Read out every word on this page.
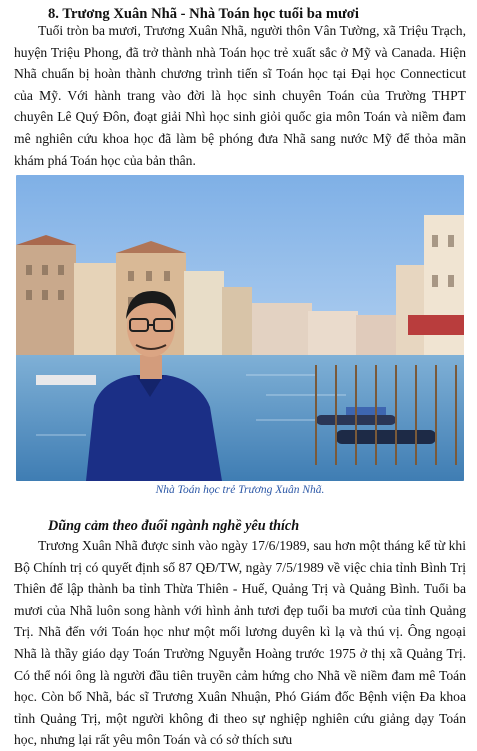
8. Trương Xuân Nhã - Nhà Toán học tuổi ba mươi

Tuổi tròn ba mươi, Trương Xuân Nhã, người thôn Vân Tường, xã Triệu Trạch, huyện Triệu Phong, đã trở thành nhà Toán học trẻ xuất sắc ở Mỹ và Canada. Hiện Nhã chuẩn bị hoàn thành chương trình tiến sĩ Toán học tại Đại học Connecticut của Mỹ. Với hành trang vào đời là học sinh chuyên Toán của Trường THPT chuyên Lê Quý Đôn, đoạt giải Nhì học sinh giỏi quốc gia môn Toán và niềm đam mê nghiên cứu khoa học đã làm bệ phóng đưa Nhã sang nước Mỹ để thỏa mãn khám phá Toán học của bản thân.

Nhà Toán học trẻ Trương Xuân Nhã.
Dũng cảm theo đuổi ngành nghề yêu thích

Trương Xuân Nhã được sinh vào ngày 17/6/1989, sau hơn một tháng kể từ khi Bộ Chính trị có quyết định số 87 QĐ/TW, ngày 7/5/1989 về việc chia tỉnh Bình Trị Thiên để lập thành ba tỉnh Thừa Thiên - Huế, Quảng Trị và Quảng Bình. Tuổi ba mươi của Nhã luôn song hành với hình ảnh tươi đẹp tuổi ba mươi của tỉnh Quảng Trị. Nhã đến với Toán học như một mối lương duyên kì lạ và thú vị. Ông ngoại Nhã là thầy giáo dạy Toán Trường Nguyễn Hoàng trước 1975 ở thị xã Quảng Trị. Có thể nói ông là người đầu tiên truyền cảm hứng cho Nhã về niềm đam mê Toán học. Còn bố Nhã, bác sĩ Trương Xuân Nhuận, Phó Giám đốc Bệnh viện Đa khoa tỉnh Quảng Trị, một người không đi theo sự nghiệp nghiên cứu giảng dạy Toán học, nhưng lại rất yêu môn Toán và có sở thích sưu
